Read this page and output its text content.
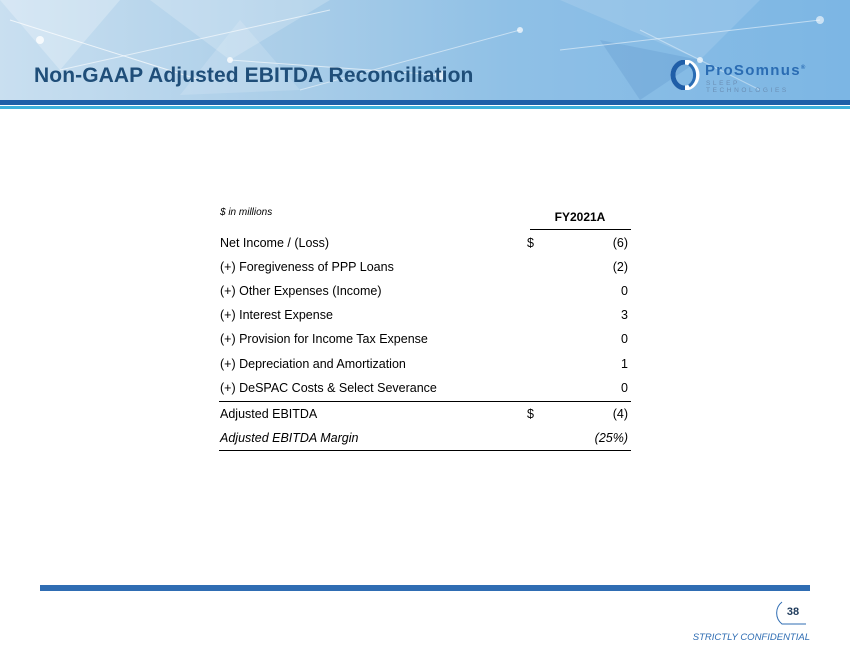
Non-GAAP Adjusted EBITDA Reconciliation	ProSomnus®
SLEEP TECHNOLOGIES
$ in millions	FY2021A
Net Income / (Loss)	$	(6)
(+) Foregiveness of PPP Loans	(2)
(+) Other Expenses (Income)	0
(+) Interest Expense	3
(+) Provision for Income Tax Expense	0
(+) Depreciation and Amortization	1
(+) DeSPAC Costs & Select Severance	0
Adjusted EBITDA	$	(4)
Adjusted EBITDA Margin	(25%)
38
STRICTLY CONFIDENTIAL
